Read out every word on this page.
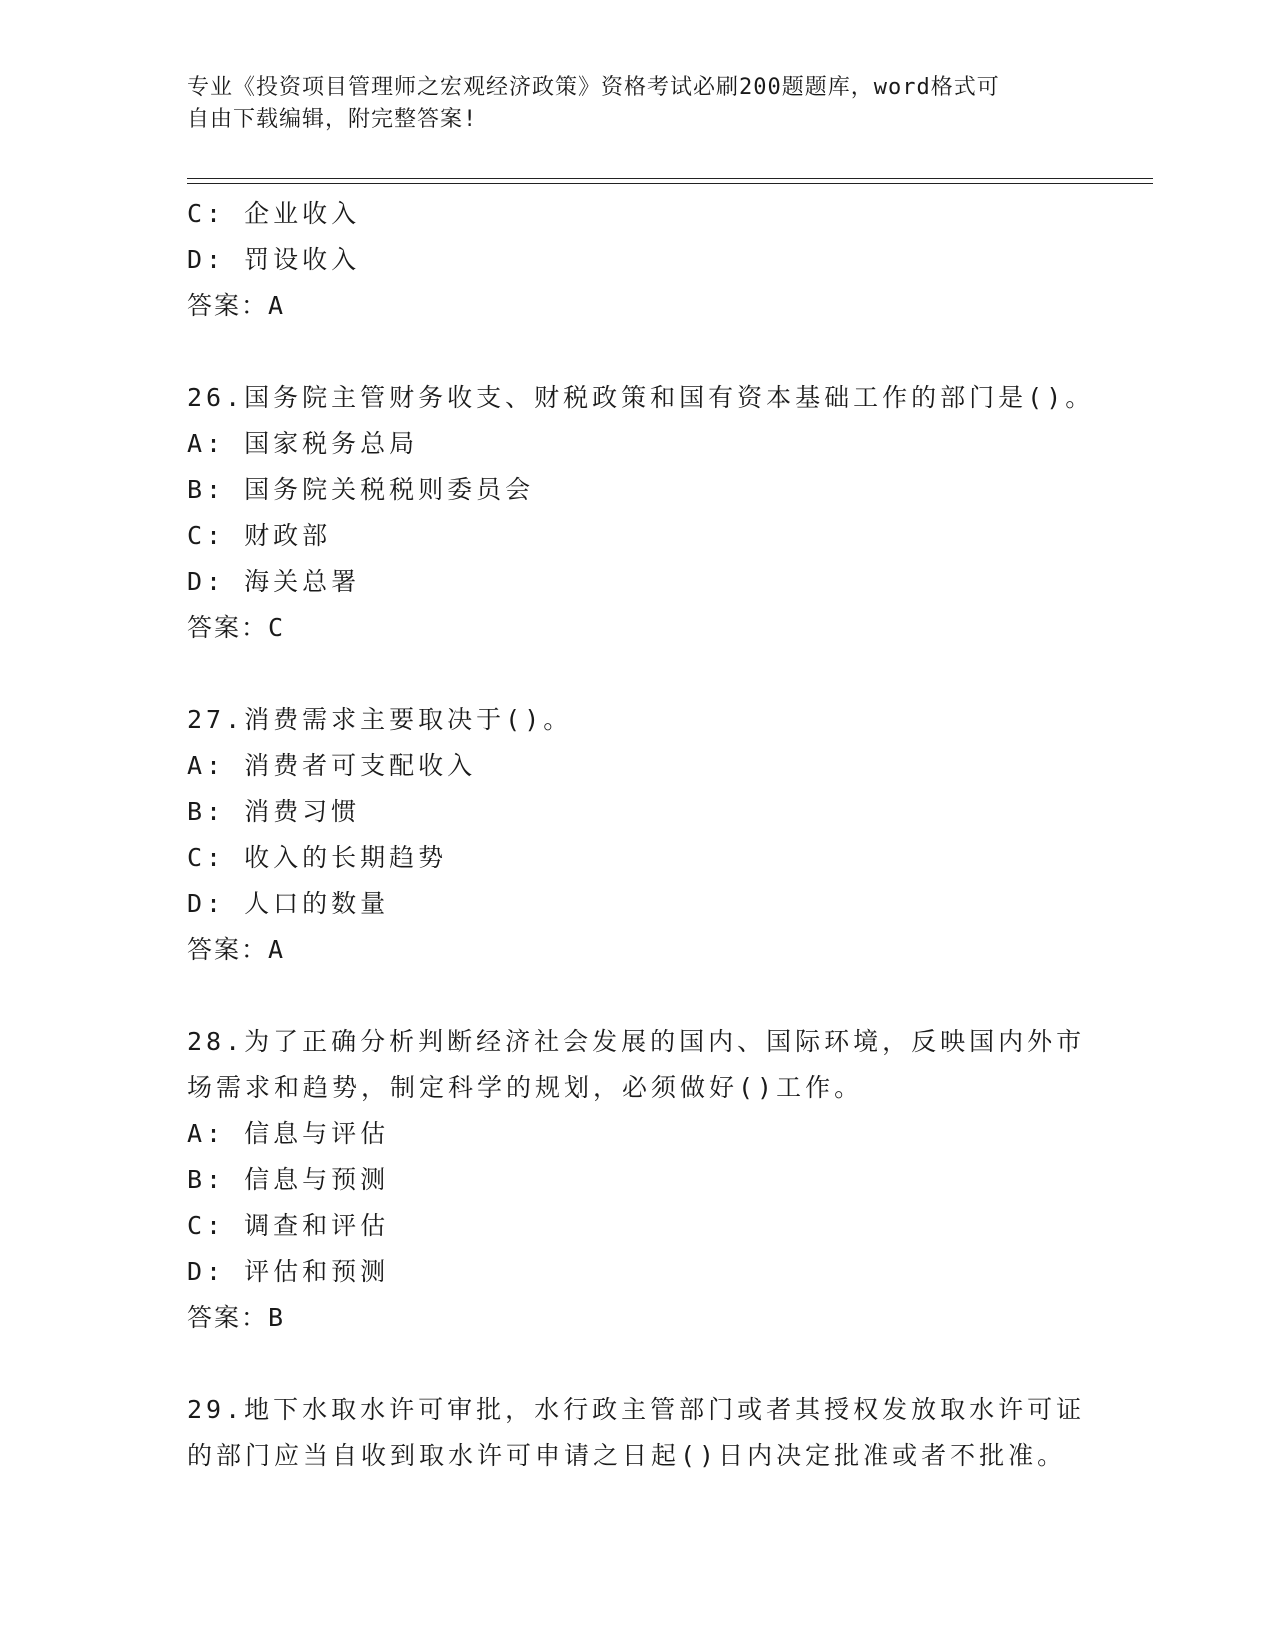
专业《投资项目管理师之宏观经济政策》资格考试必刷200题题库，word格式可
自由下载编辑，附完整答案!
C: 企业收入
D: 罚设收入
答案：A
26.国务院主管财务收支、财税政策和国有资本基础工作的部门是()。
A: 国家税务总局
B: 国务院关税税则委员会
C: 财政部
D: 海关总署
答案：C
27.消费需求主要取决于()。
A: 消费者可支配收入
B: 消费习惯
C: 收入的长期趋势
D: 人口的数量
答案：A
28.为了正确分析判断经济社会发展的国内、国际环境，反映国内外市
场需求和趋势，制定科学的规划，必须做好()工作。
A: 信息与评估
B: 信息与预测
C: 调查和评估
D: 评估和预测
答案：B
29.地下水取水许可审批，水行政主管部门或者其授权发放取水许可证
的部门应当自收到取水许可申请之日起()日内决定批准或者不批准。
